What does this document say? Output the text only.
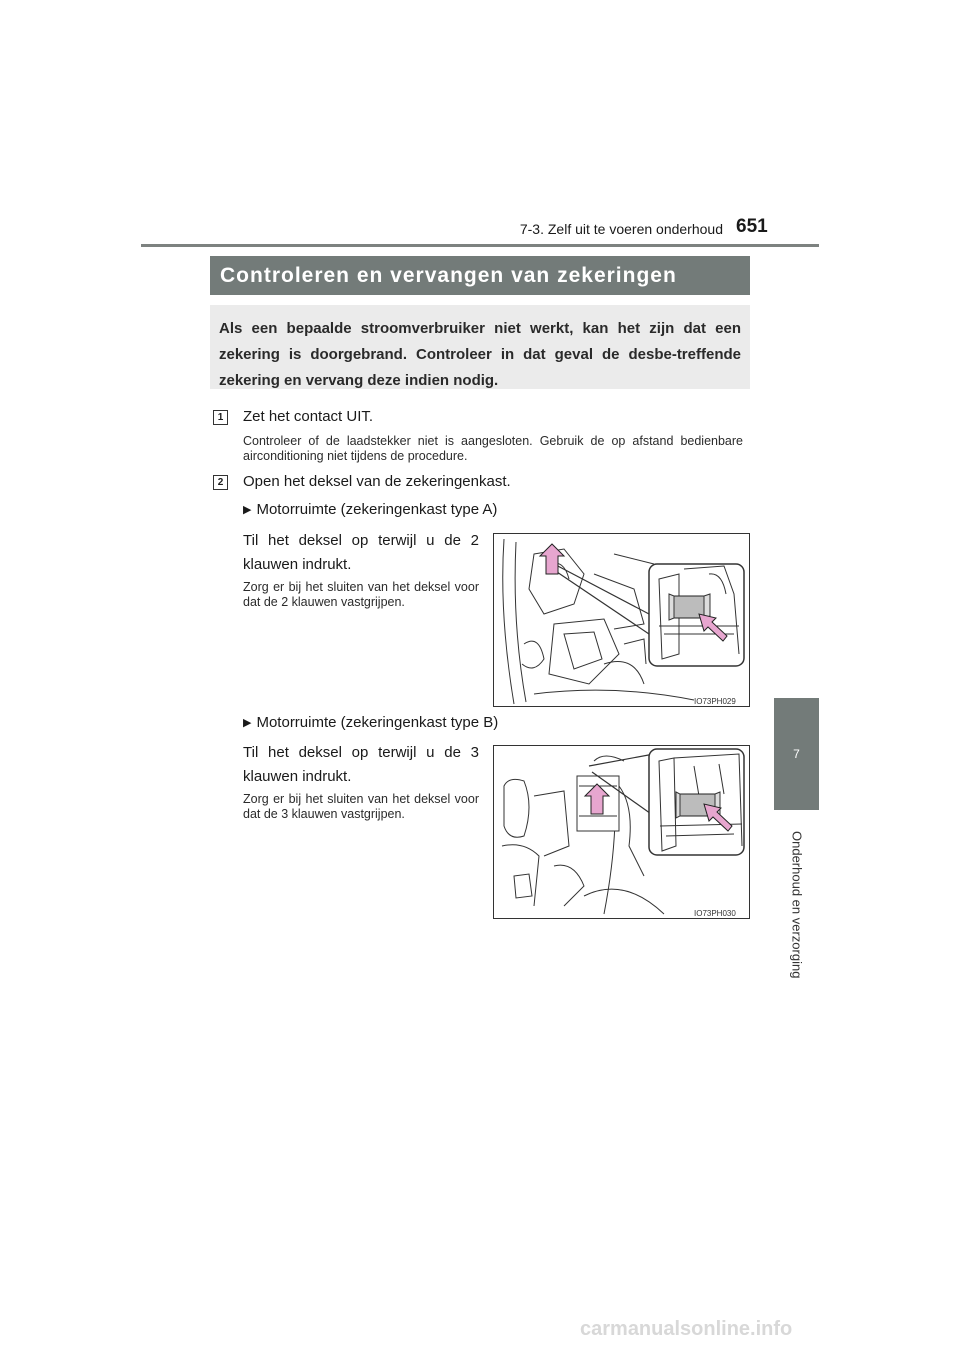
7-3. Zelf uit te voeren onderhoud 651
7
Onderhoud en verzorging
Controleren en vervangen van zekeringen
Als een bepaalde stroomverbruiker niet werkt, kan het zijn dat een zekering is doorgebrand. Controleer in dat geval de desbe-treffende zekering en vervang deze indien nodig.
1	Zet het contact UIT.
Controleer of de laadstekker niet is aangesloten. Gebruik de op afstand bedienbare airconditioning niet tijdens de procedure.
2	Open het deksel van de zekeringenkast.
▶ Motorruimte (zekeringenkast type A)
Til het deksel op terwijl u de 2 klauwen indrukt.
Zorg er bij het sluiten van het deksel voor dat de 2 klauwen vastgrijpen.
IO73PH029
▶ Motorruimte (zekeringenkast type B)
Til het deksel op terwijl u de 3 klauwen indrukt.
Zorg er bij het sluiten van het deksel voor dat de 3 klauwen vastgrijpen.
IO73PH030
carmanualsonline.info
